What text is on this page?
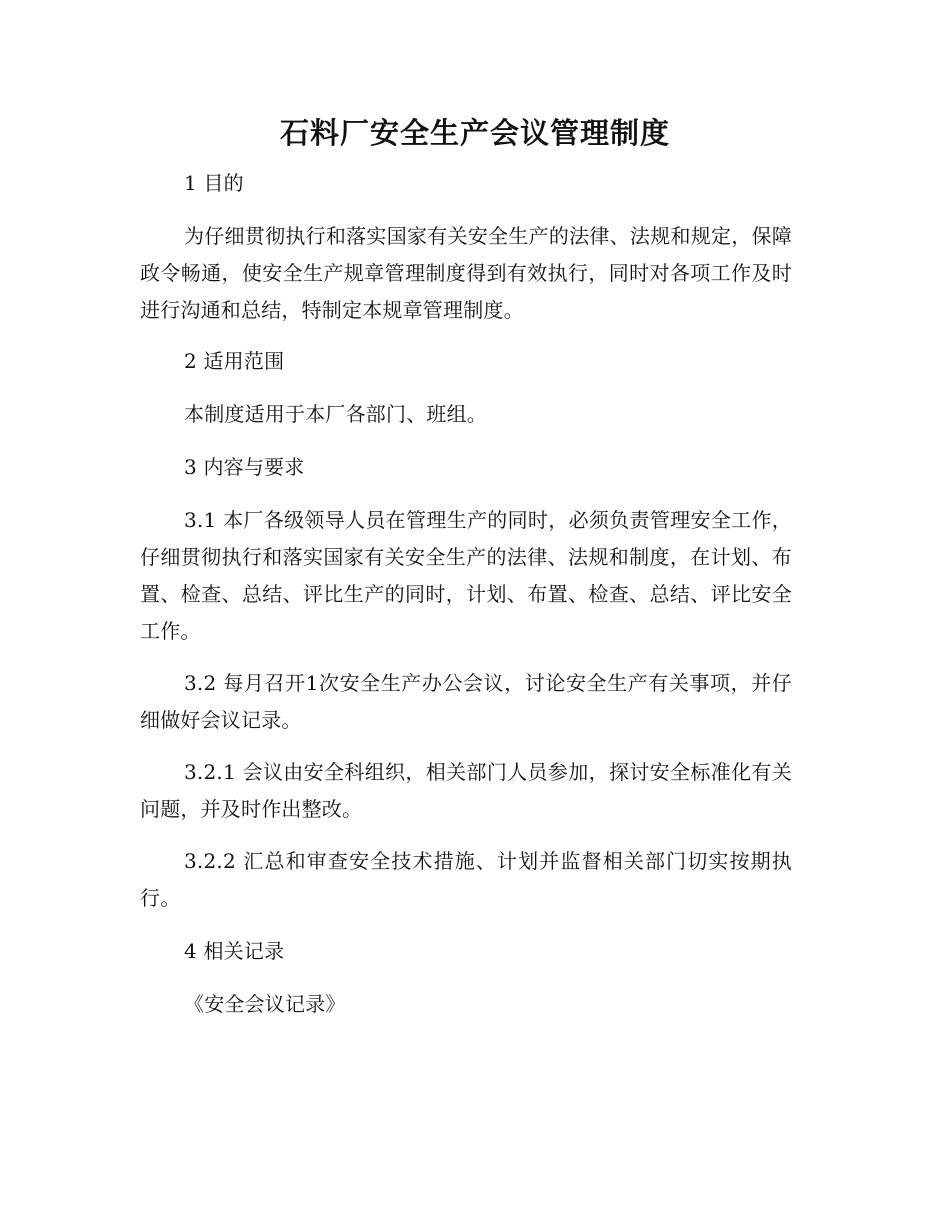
石料厂安全生产会议管理制度

1 目的

为仔细贯彻执行和落实国家有关安全生产的法律、法规和规定，保障政令畅通，使安全生产规章管理制度得到有效执行，同时对各项工作及时进行沟通和总结，特制定本规章管理制度。

2 适用范围

本制度适用于本厂各部门、班组。

3 内容与要求

3.1 本厂各级领导人员在管理生产的同时，必须负责管理安全工作，仔细贯彻执行和落实国家有关安全生产的法律、法规和制度，在计划、布置、检查、总结、评比生产的同时，计划、布置、检查、总结、评比安全工作。

3.2 每月召开1次安全生产办公会议，讨论安全生产有关事项，并仔细做好会议记录。

3.2.1 会议由安全科组织，相关部门人员参加，探讨安全标准化有关问题，并及时作出整改。

3.2.2 汇总和审查安全技术措施、计划并监督相关部门切实按期执行。

4 相关记录

《安全会议记录》
